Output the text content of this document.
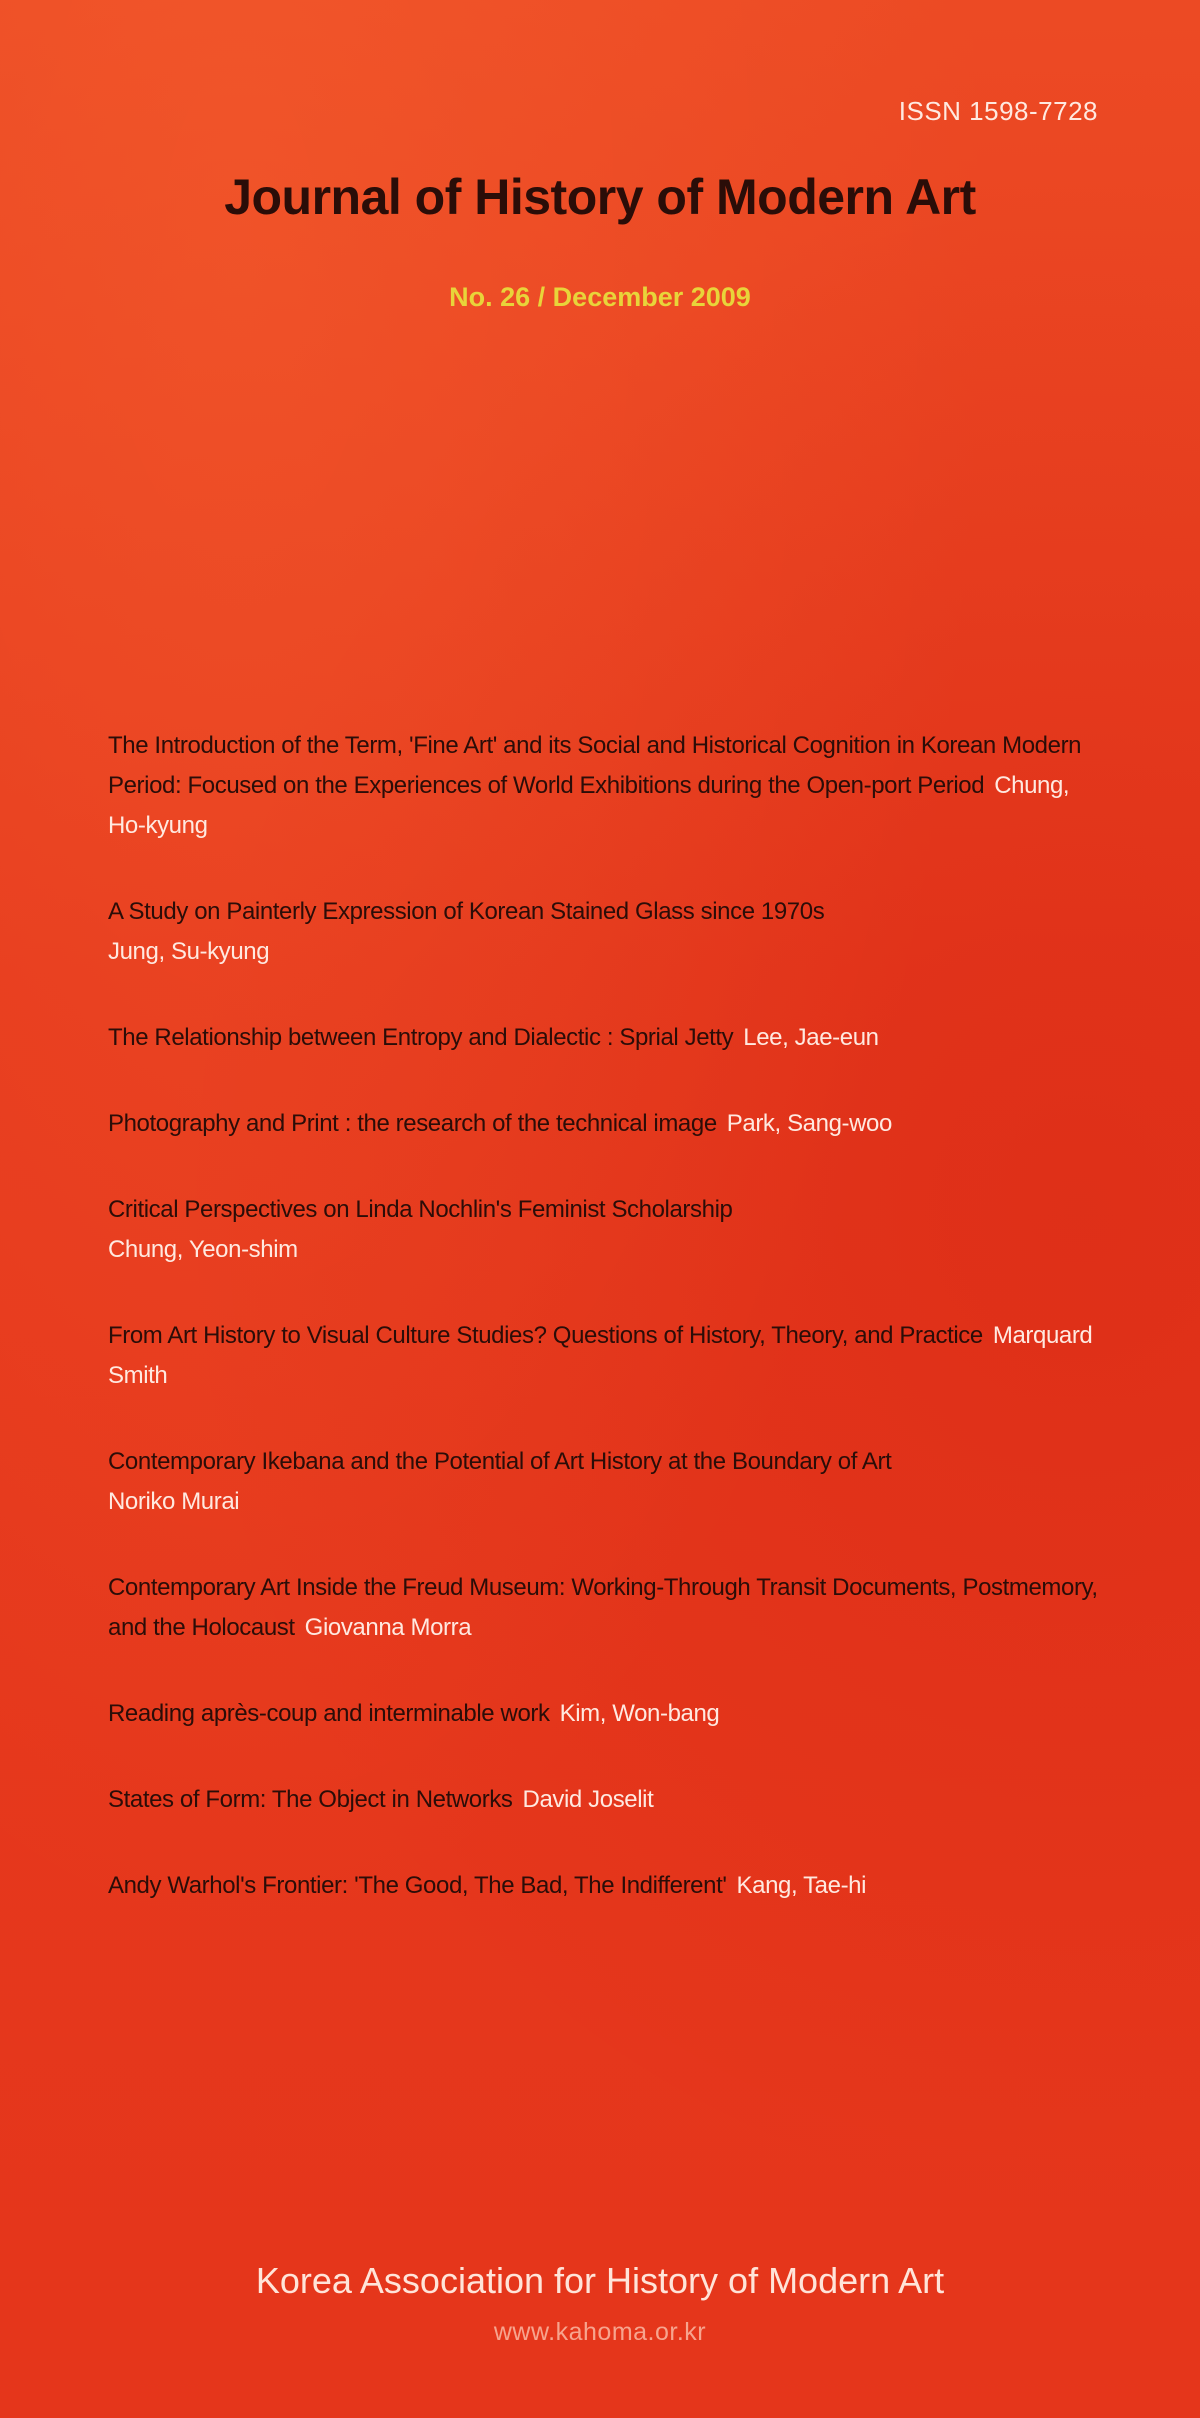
ISSN 1598-7728
Journal of History of Modern Art
No. 26 / December 2009
The Introduction of the Term, 'Fine Art' and its Social and Historical Cognition in Korean Modern Period: Focused on the Experiences of World Exhibitions during the Open-port Period Chung, Ho-kyung
A Study on Painterly Expression of Korean Stained Glass since 1970s
Jung, Su-kyung
The Relationship between Entropy and Dialectic : Sprial Jetty Lee, Jae-eun
Photography and Print : the research of the technical image Park, Sang-woo
Critical Perspectives on Linda Nochlin's Feminist Scholarship
Chung, Yeon-shim
From Art History to Visual Culture Studies? Questions of History, Theory, and Practice Marquard Smith
Contemporary Ikebana and the Potential of Art History at the Boundary of Art
Noriko Murai
Contemporary Art Inside the Freud Museum: Working-Through Transit Documents, Postmemory, and the Holocaust Giovanna Morra
Reading après-coup and interminable work Kim, Won-bang
States of Form: The Object in Networks David Joselit
Andy Warhol's Frontier: 'The Good, The Bad, The Indifferent' Kang, Tae-hi
Korea Association for History of Modern Art
www.kahoma.or.kr
